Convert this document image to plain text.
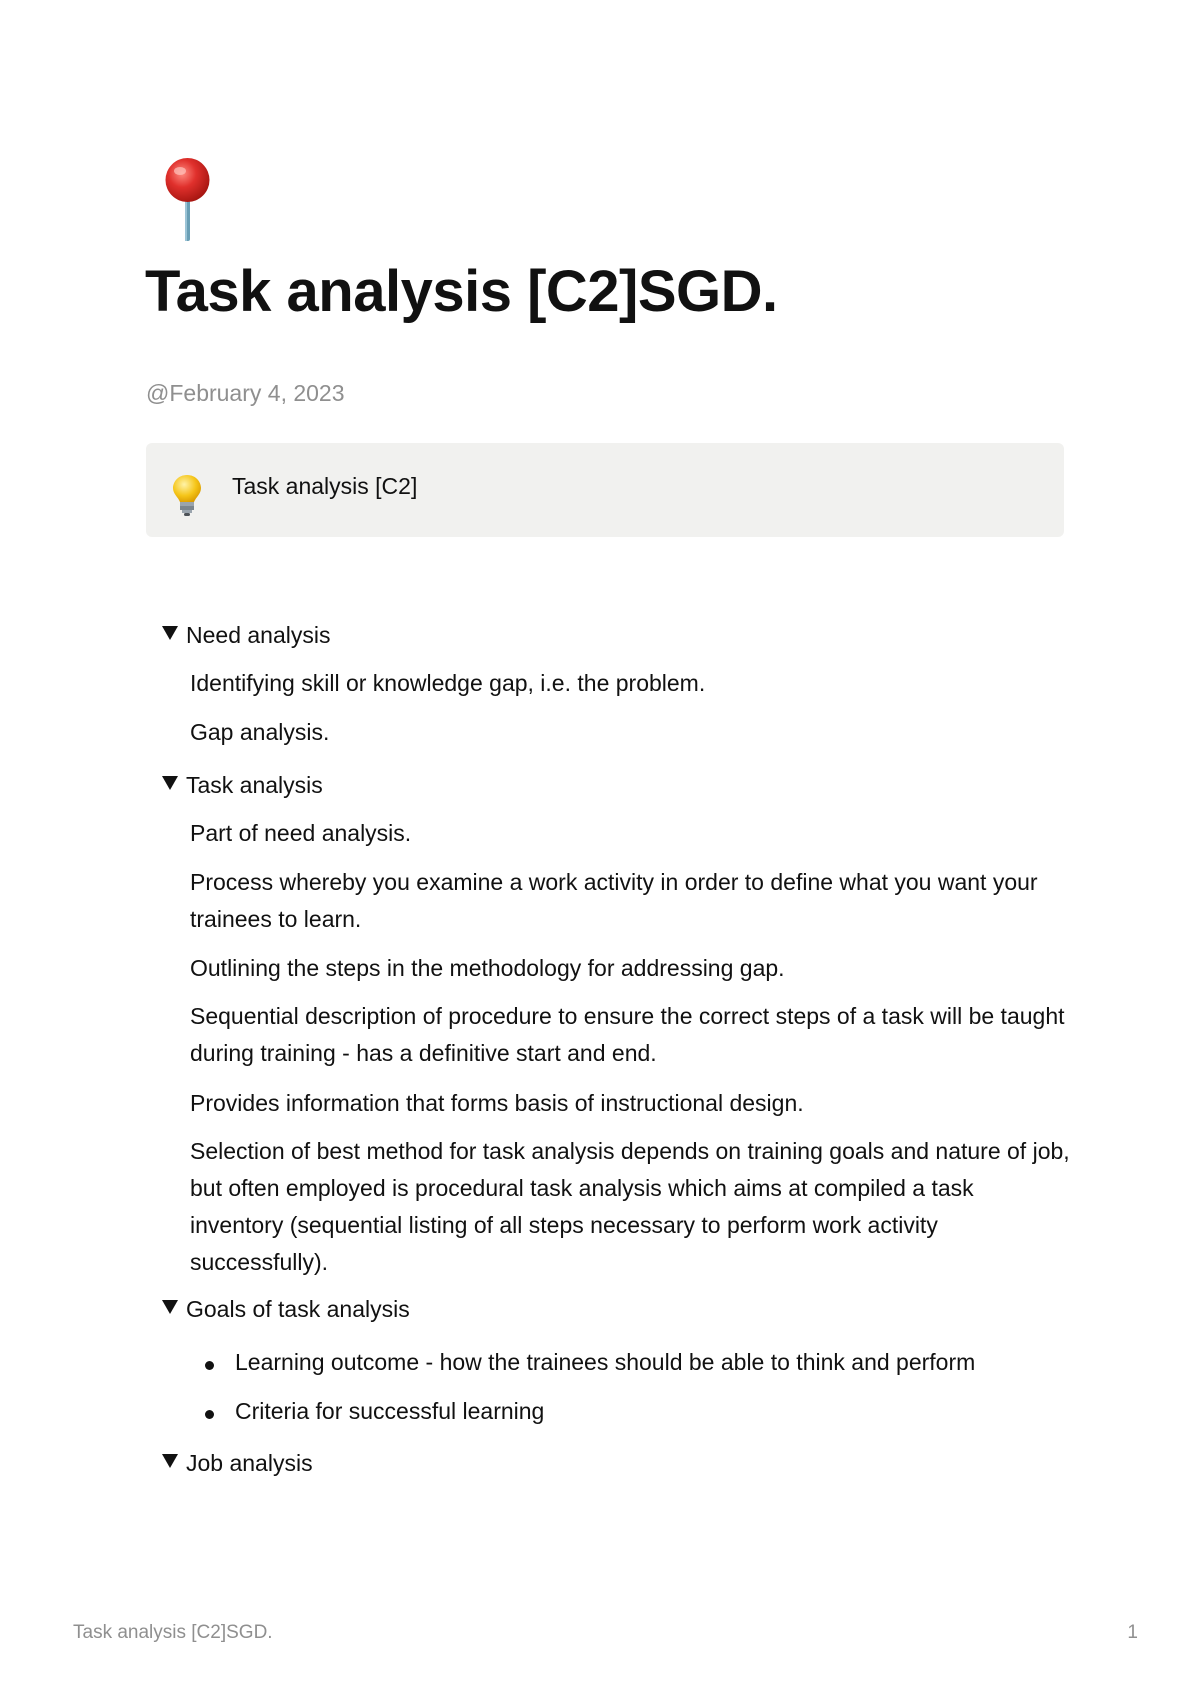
Task analysis [C2]SGD.
@February 4, 2023
Task analysis [C2]
Need analysis
Identifying skill or knowledge gap, i.e. the problem.
Gap analysis.
Task analysis
Part of need analysis.
Process whereby you examine a work activity in order to define what you want your trainees to learn.
Outlining the steps in the methodology for addressing gap.
Sequential description of procedure to ensure the correct steps of a task will be taught during training - has a definitive start and end.
Provides information that forms basis of instructional design.
Selection of best method for task analysis depends on training goals and nature of job, but often employed is procedural task analysis which aims at compiled a task inventory (sequential listing of all steps necessary to perform work activity successfully).
Goals of task analysis
Learning outcome - how the trainees should be able to think and perform
Criteria for successful learning
Job analysis
Task analysis [C2]SGD.	1
